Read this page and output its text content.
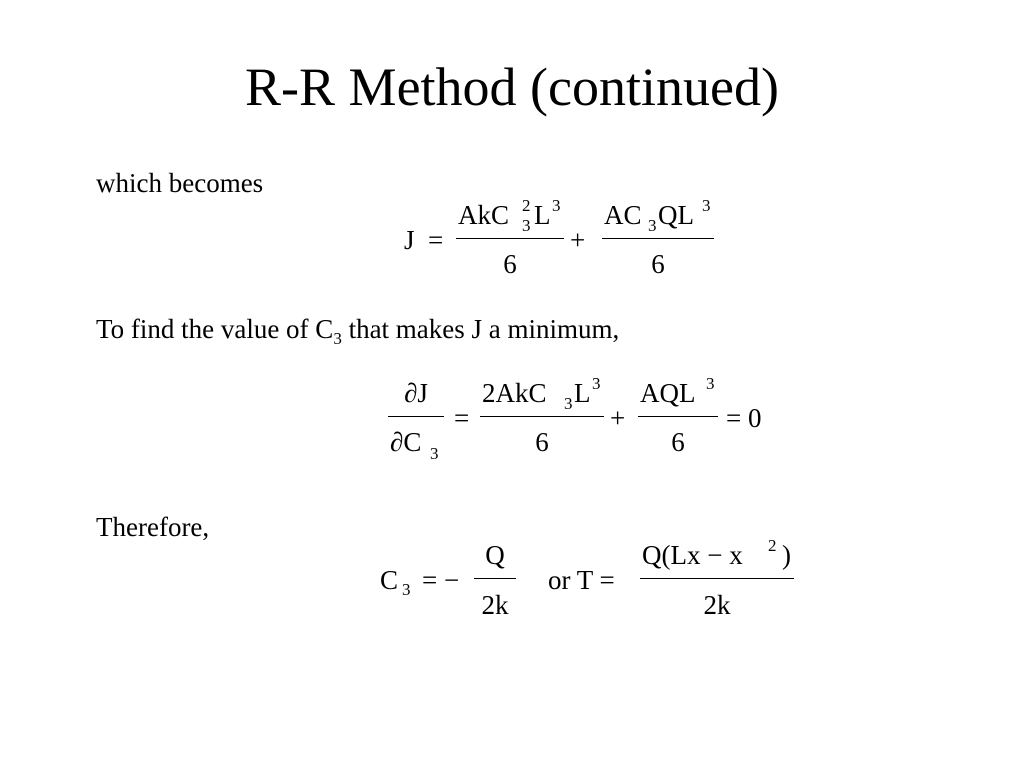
R-R Method (continued)
which becomes
J =
AkC 2
3 L 3
6
+
AC 3 QL 3
6
To find the value of $C_3$ that makes J a minimum,
∂J
∂C 3
=
2AkC 3 L 3
6
+
AQL 3
6
= 0
Therefore,
C 3 = −
Q
2k
or T =
Q(Lx − x 2 )
2k
